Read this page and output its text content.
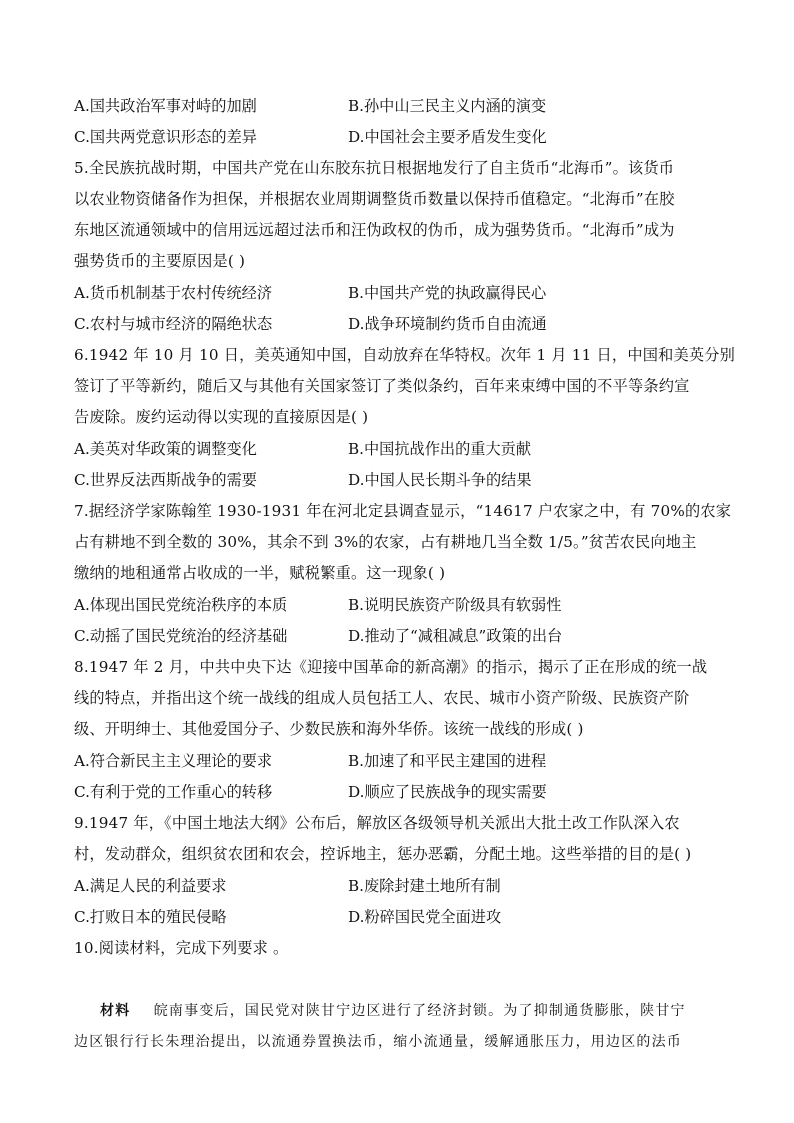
A.国共政治军事对峙的加剧	B.孙中山三民主义内涵的演变
C.国共两党意识形态的差异	D.中国社会主要矛盾发生变化
5.全民族抗战时期，中国共产党在山东胶东抗日根据地发行了自主货币“北海币”。该货币
以农业物资储备作为担保，并根据农业周期调整货币数量以保持币值稳定。“北海币”在胶
东地区流通领域中的信用远远超过法币和汪伪政权的伪币，成为强势货币。“北海币”成为
强势货币的主要原因是( )
A.货币机制基于农村传统经济	B.中国共产党的执政赢得民心
C.农村与城市经济的隔绝状态	D.战争环境制约货币自由流通
6.1942 年 10 月 10 日，美英通知中国，自动放弃在华特权。次年 1 月 11 日，中国和美英分别
签订了平等新约，随后又与其他有关国家签订了类似条约，百年来束缚中国的不平等条约宣
告废除。废约运动得以实现的直接原因是( )
A.美英对华政策的调整变化	B.中国抗战作出的重大贡献
C.世界反法西斯战争的需要	D.中国人民长期斗争的结果
7.据经济学家陈翰笙 1930-1931 年在河北定县调查显示，“14617 户农家之中，有 70%的农家
占有耕地不到全数的 30%，其余不到 3%的农家，占有耕地几当全数 1/5。”贫苦农民向地主
缴纳的地租通常占收成的一半，赋税繁重。这一现象( )
A.体现出国民党统治秩序的本质	B.说明民族资产阶级具有软弱性
C.动摇了国民党统治的经济基础	D.推动了“减租减息”政策的出台
8.1947 年 2 月，中共中央下达《迎接中国革命的新高潮》的指示，揭示了正在形成的统一战
线的特点，并指出这个统一战线的组成人员包括工人、农民、城市小资产阶级、民族资产阶
级、开明绅士、其他爱国分子、少数民族和海外华侨。该统一战线的形成( )
A.符合新民主主义理论的要求	B.加速了和平民主建国的进程
C.有利于党的工作重心的转移	D.顺应了民族战争的现实需要
9.1947 年，《中国土地法大纲》公布后，解放区各级领导机关派出大批土改工作队深入农
村，发动群众，组织贫农团和农会，控诉地主，惩办恶霸，分配土地。这些举措的目的是( )
A.满足人民的利益要求	B.废除封建土地所有制
C.打败日本的殖民侵略	D.粉碎国民党全面进攻
10.阅读材料，完成下列要求 。
材料 皖南事变后，国民党对陕甘宁边区进行了经济封锁。为了抑制通货膨胀，陕甘宁
边区银行行长朱理治提出，以流通券置换法币，缩小流通量，缓解通胀压力，用边区的法币
